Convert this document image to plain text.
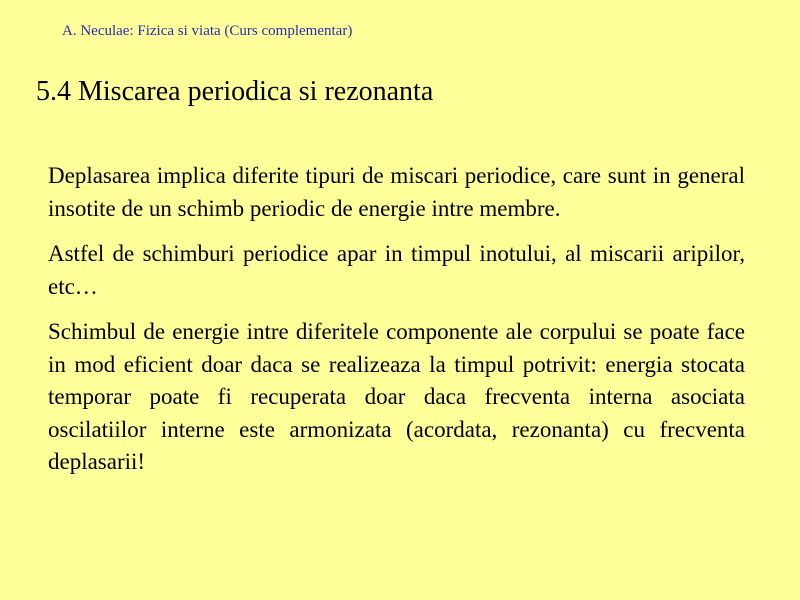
A. Neculae: Fizica si viata (Curs complementar)
5.4 Miscarea periodica si rezonanta

Deplasarea implica diferite tipuri de miscari periodice, care sunt in general insotite de un schimb periodic de energie intre membre.

Astfel de schimburi periodice apar in timpul inotului, al miscarii aripilor, etc…

Schimbul de energie intre diferitele componente ale corpului se poate face in mod eficient doar daca se realizeaza la timpul potrivit: energia stocata temporar poate fi recuperata doar daca frecventa interna asociata oscilatiilor interne este armonizata (acordata, rezonanta) cu frecventa deplasarii!
